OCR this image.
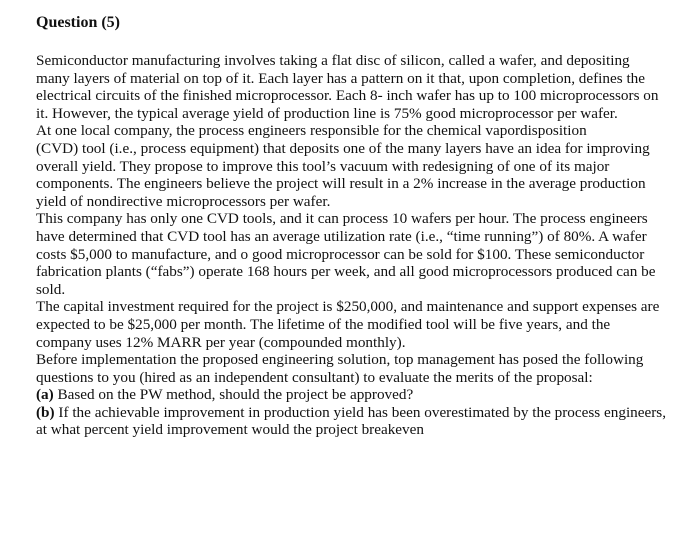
Question (5)

Semiconductor manufacturing involves taking a flat disc of silicon, called a wafer, and depositing many layers of material on top of it. Each layer has a pattern on it that, upon completion, defines the electrical circuits of the finished microprocessor. Each 8- inch wafer has up to 100 microprocessors on it. However, the typical average yield of production line is 75% good microprocessor per wafer.

At one local company, the process engineers responsible for the chemical vapordisposition

(CVD) tool (i.e., process equipment) that deposits one of the many layers have an idea for improving overall yield. They propose to improve this tool’s vacuum with redesigning of one of its major components. The engineers believe the project will result in a 2% increase in the average production yield of nondirective microprocessors per wafer.

This company has only one CVD tools, and it can process 10 wafers per hour. The process engineers have determined that CVD tool has an average utilization rate (i.e., “time running”) of 80%. A wafer costs $5,000 to manufacture, and o good microprocessor can be sold for $100. These semiconductor fabrication plants (“fabs”) operate 168 hours per week, and all good microprocessors produced can be sold.

The capital investment required for the project is $250,000, and maintenance and support expenses are expected to be $25,000 per month. The lifetime of the modified tool will be five years, and the company uses 12% MARR per year (compounded monthly).

Before implementation the proposed engineering solution, top management has posed the following questions to you (hired as an independent consultant) to evaluate the merits of the proposal:

(a) Based on the PW method, should the project be approved?

(b) If the achievable improvement in production yield has been overestimated by the process engineers, at what percent yield improvement would the project breakeven
